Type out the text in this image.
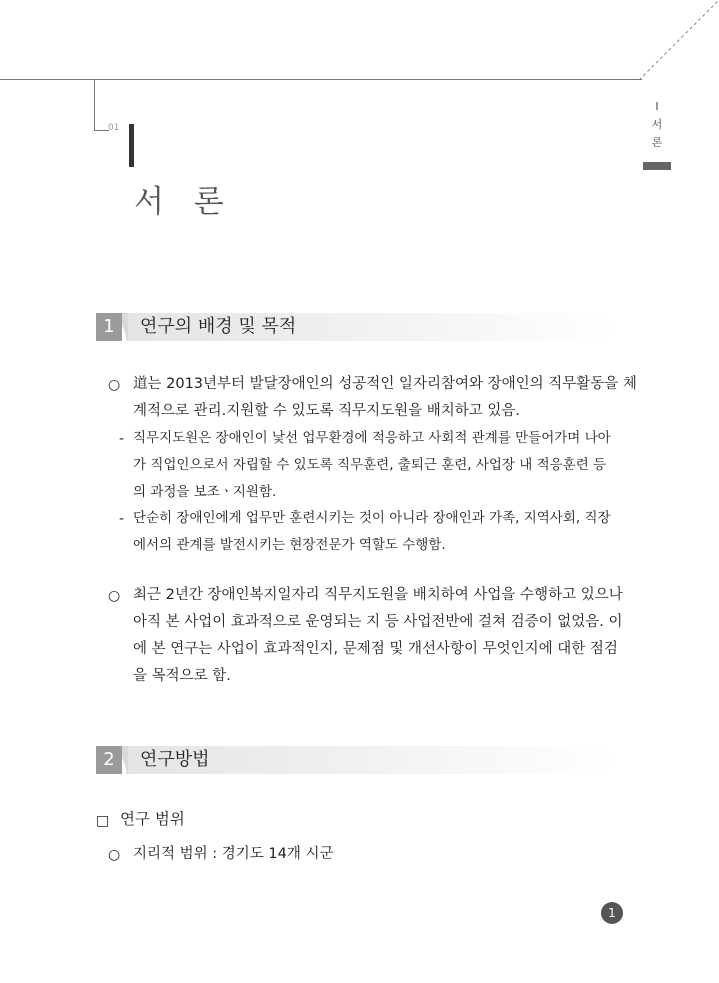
I
서
론
01
서 론
1	연구의 배경 및 목적
○ 道는 2013년부터 발달장애인의 성공적인 일자리참여와 장애인의 직무활동을 체
계적으로 관리.지원할 수 있도록 직무지도원을 배치하고 있음.
- 직무지도원은 장애인이 낯선 업무환경에 적응하고 사회적 관계를 만들어가며 나아
가 직업인으로서 자립할 수 있도록 직무훈련, 출퇴근 훈련, 사업장 내 적응훈련 등
의 과정을 보조ㆍ지원함.
- 단순히 장애인에게 업무만 훈련시키는 것이 아니라 장애인과 가족, 지역사회, 직장
에서의 관계를 발전시키는 현장전문가 역할도 수행함.
○ 최근 2년간 장애인복지일자리 직무지도원을 배치하여 사업을 수행하고 있으나
아직 본 사업이 효과적으로 운영되는 지 등 사업전반에 걸쳐 검증이 없었음. 이
에 본 연구는 사업이 효과적인지, 문제점 및 개선사항이 무엇인지에 대한 점검
을 목적으로 함.
2	연구방법
□ 연구 범위
○ 지리적 범위 : 경기도 14개 시군
1
